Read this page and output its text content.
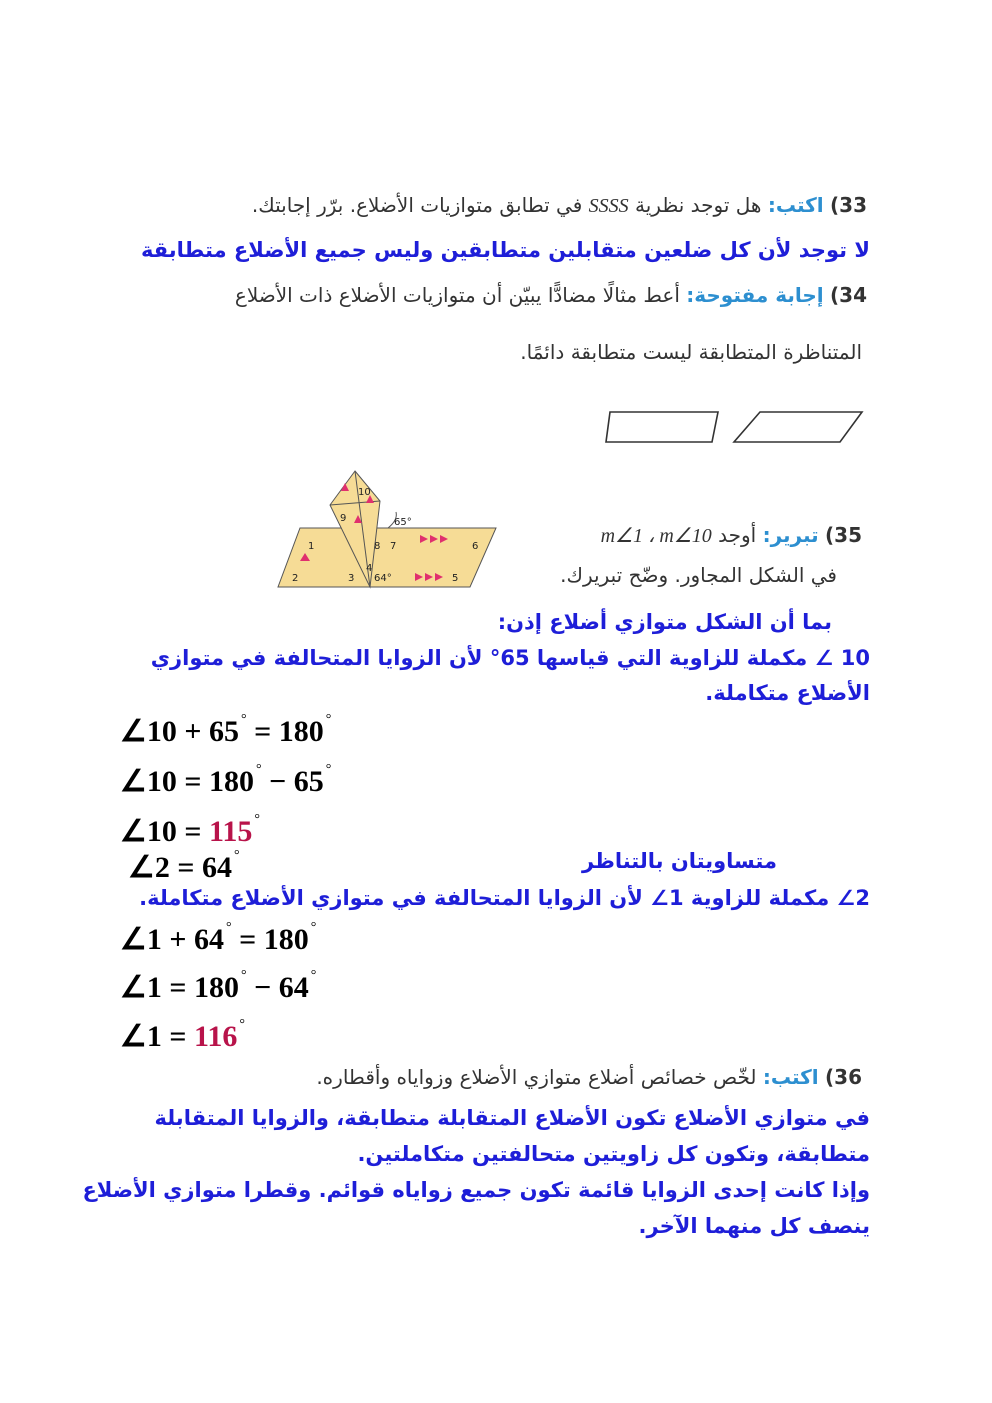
33) اكتب: هل توجد نظرية SSSS في تطابق متوازيات الأضلاع. برّر إجابتك.
لا توجد لأن كل ضلعين متقابلين متطابقين وليس جميع الأضلاع متطابقة
34) إجابة مفتوحة: أعط مثالًا مضادًّا يبيّن أن متوازيات الأضلاع ذات الأضلاع
المتناظرة المتطابقة ليست متطابقة دائمًا.
35) تبرير: أوجد m∠1 ، m∠10
في الشكل المجاور. وضّح تبريرك.
10
9	65°
1	8 7	6
4
2	3 64°	5
بما أن الشكل متوازي أضلاع إذن:
10 ∠ مكملة للزاوية التي قياسها 65° لأن الزوايا المتحالفة في متوازي
الأضلاع متكاملة.
∠10 + 65 ° = 180 °
∠10 = 180 ° − 65 °
∠10 = 115 °
∠2 = 64 °	متساويتان بالتناظر
2∠ مكملة للزاوية 1∠ لأن الزوايا المتحالفة في متوازي الأضلاع متكاملة.
∠1 + 64 ° = 180 °
∠1 = 180 ° − 64 °
∠1 = 116 °
36) اكتب: لخّص خصائص أضلاع متوازي الأضلاع وزواياه وأقطاره.
في متوازي الأضلاع تكون الأضلاع المتقابلة متطابقة، والزوايا المتقابلة
متطابقة، وتكون كل زاويتين متحالفتين متكاملتين.
وإذا كانت إحدى الزوايا قائمة تكون جميع زواياه قوائم. وقطرا متوازي الأضلاع
ينصف كل منهما الآخر.
